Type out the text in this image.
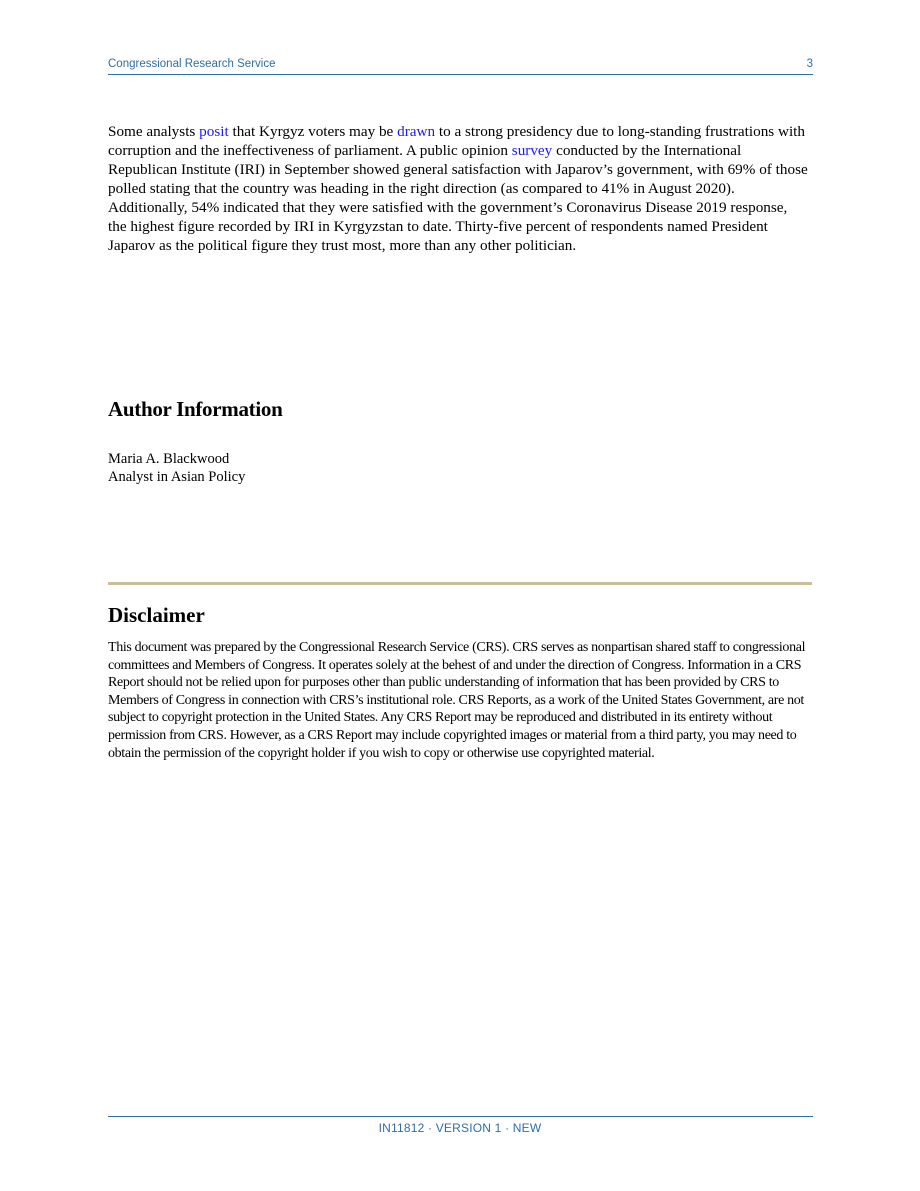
Congressional Research Service	3

Some analysts posit that Kyrgyz voters may be drawn to a strong presidency due to long-standing frustrations with corruption and the ineffectiveness of parliament. A public opinion survey conducted by the International Republican Institute (IRI) in September showed general satisfaction with Japarov’s government, with 69% of those polled stating that the country was heading in the right direction (as compared to 41% in August 2020). Additionally, 54% indicated that they were satisfied with the government’s Coronavirus Disease 2019 response, the highest figure recorded by IRI in Kyrgyzstan to date. Thirty-five percent of respondents named President Japarov as the political figure they trust most, more than any other politician.

Author Information
Maria A. Blackwood
Analyst in Asian Policy
Disclaimer

This document was prepared by the Congressional Research Service (CRS). CRS serves as nonpartisan shared staff to congressional committees and Members of Congress. It operates solely at the behest of and under the direction of Congress. Information in a CRS Report should not be relied upon for purposes other than public understanding of information that has been provided by CRS to Members of Congress in connection with CRS’s institutional role. CRS Reports, as a work of the United States Government, are not subject to copyright protection in the United States. Any CRS Report may be reproduced and distributed in its entirety without permission from CRS. However, as a CRS Report may include copyrighted images or material from a third party, you may need to obtain the permission of the copyright holder if you wish to copy or otherwise use copyrighted material.

IN11812 · VERSION 1 · NEW
